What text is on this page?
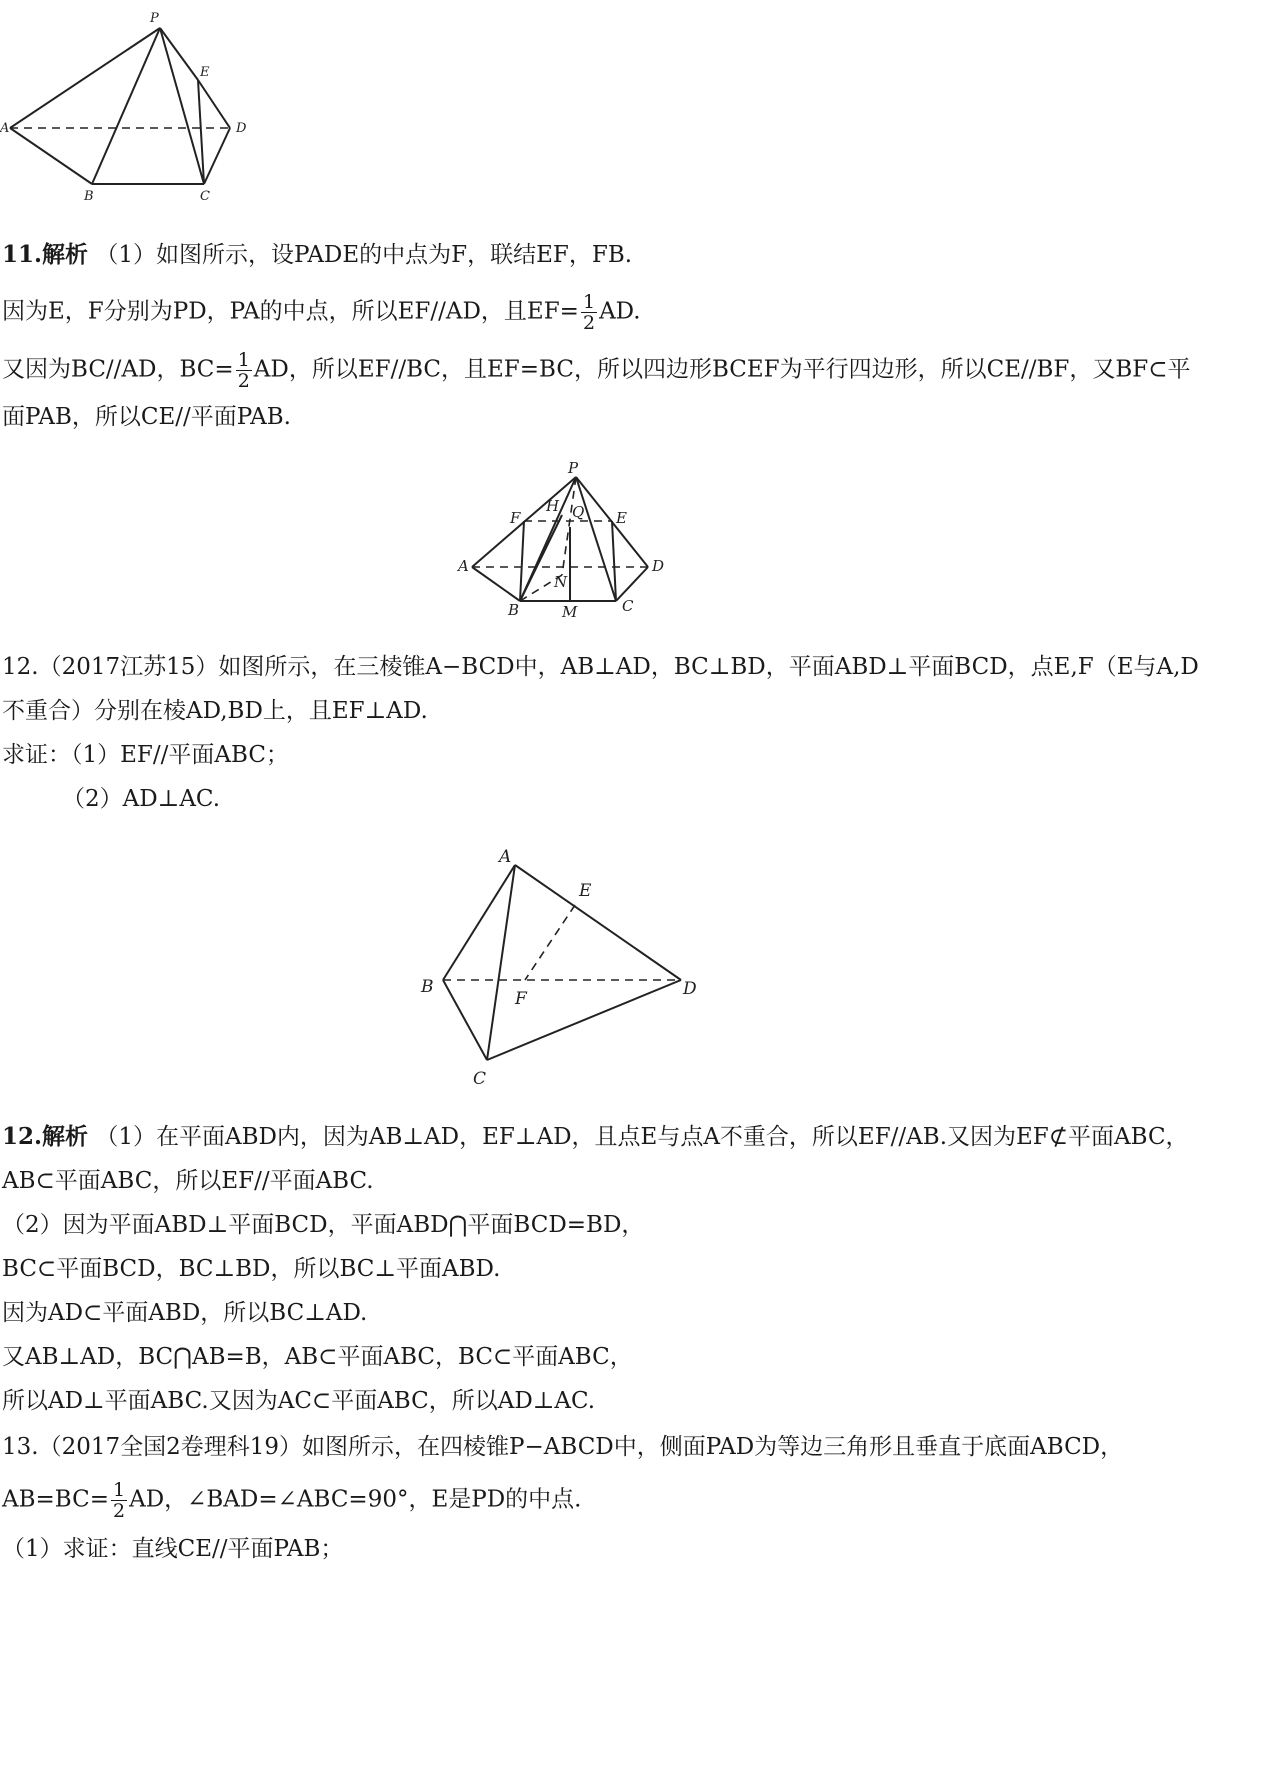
P
E
A	D
B	C
11.解析 （1）如图所示，设PADE的中点为F，联结EF，FB.
因为E，F分别为PD，PA的中点，所以EF//AD，且$EF= \frac{1}{2}$ AD.
又因为BC//AD，$BC= \frac{1}{2}$ AD，所以EF//BC，且EF=BC，所以四边形BCEF为平行四边形，所以CE//BF，又BF⊂平
面PAB，所以CE//平面PAB.
P
H Q
F	E
A	D
N
B	M	C
12.（2017江苏15）如图所示，在三棱锥A−BCD中，AB⊥AD，BC⊥BD，平面ABD⊥平面BCD，点E,F（E与A,D
不重合）分别在棱AD,BD上，且EF⊥AD.
求证：（1）EF//平面ABC；
（2）AD⊥AC.
A
E
B
F	D
C
12.解析 （1）在平面ABD内，因为AB⊥AD，EF⊥AD，且点E与点A不重合，所以EF//AB.又因为EF⊄平面ABC，
AB⊂平面ABC，所以EF//平面ABC.
（2）因为平面ABD⊥平面BCD，平面ABD⋂平面BCD=BD，
BC⊂平面BCD，BC⊥BD，所以BC⊥平面ABD.
因为AD⊂平面ABD，所以BC⊥AD.
又AB⊥AD，BC⋂AB=B，AB⊂平面ABC，BC⊂平面ABC，
所以AD⊥平面ABC.又因为AC⊂平面ABC，所以AD⊥AC.
13.（2017全国2卷理科19）如图所示，在四棱锥P−ABCD中，侧面PAD为等边三角形且垂直于底面ABCD，
$AB=BC= \frac{1}{2}$ AD，∠BAD=∠ABC=90°，E是PD的中点.
（1）求证：直线CE//平面PAB；
